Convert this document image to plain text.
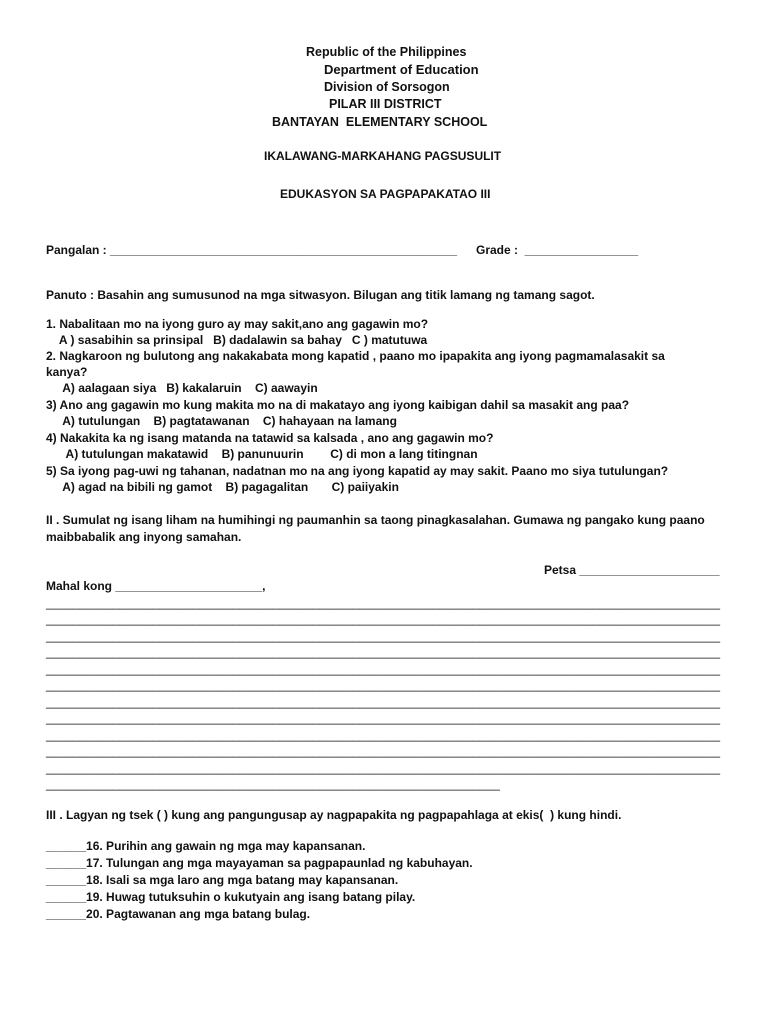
Republic of the Philippines
Department of Education
Division of Sorsogon
PILAR III DISTRICT
BANTAYAN  ELEMENTARY SCHOOL
IKALAWANG-MARKAHANG PAGSUSULIT
EDUKASYON SA PAGPAPAKATAO III
Pangalan : ____________________________________________________ Grade :  _________________
Panuto : Basahin ang sumusunod na mga sitwasyon. Bilugan ang titik lamang ng tamang sagot.
1. Nabalitaan mo na iyong guro ay may sakit,ano ang gagawin mo?
A ) sasabihin sa prinsipal   B) dadalawin sa bahay   C ) matutuwa
2. Nagkaroon ng bulutong ang nakakabata mong kapatid , paano mo ipapakita ang iyong pagmamalasakit sa
kanya?
A) aalagaan siya   B) kakalaruin    C) aawayin
3) Ano ang gagawin mo kung makita mo na di makatayo ang iyong kaibigan dahil sa masakit ang paa?
A) tutulungan    B) pagtatawanan    C) hahayaan na lamang
4) Nakakita ka ng isang matanda na tatawid sa kalsada , ano ang gagawin mo?
A) tutulungan makatawid    B) panunuurin        C) di mon a lang titingnan
5) Sa iyong pag-uwi ng tahanan, nadatnan mo na ang iyong kapatid ay may sakit. Paano mo siya tutulungan?
A) agad na bibili ng gamot    B) pagagalitan       C) paiiyakin
II . Sumulat ng isang liham na humihingi ng paumanhin sa taong pinagkasalahan. Gumawa ng pangako kung paano
maibbabalik ang inyong samahan.
Petsa _____________________
Mahal kong ______________________,
_____________________________________________________________________________________________________
_____________________________________________________________________________________________________
_____________________________________________________________________________________________________
_____________________________________________________________________________________________________
_____________________________________________________________________________________________________
_____________________________________________________________________________________________________
_____________________________________________________________________________________________________
_____________________________________________________________________________________________________
_____________________________________________________________________________________________________
_____________________________________________________________________________________________________
_____________________________________________________________________________________________________
____________________________________________________________________
III . Lagyan ng tsek ( ) kung ang pangungusap ay nagpapakita ng pagpapahlaga at ekis(  ) kung hindi.
______16. Purihin ang gawain ng mga may kapansanan.
______17. Tulungan ang mga mayayaman sa pagpapaunlad ng kabuhayan.
______18. Isali sa mga laro ang mga batang may kapansanan.
______19. Huwag tutuksuhin o kukutyain ang isang batang pilay.
______20. Pagtawanan ang mga batang bulag.
